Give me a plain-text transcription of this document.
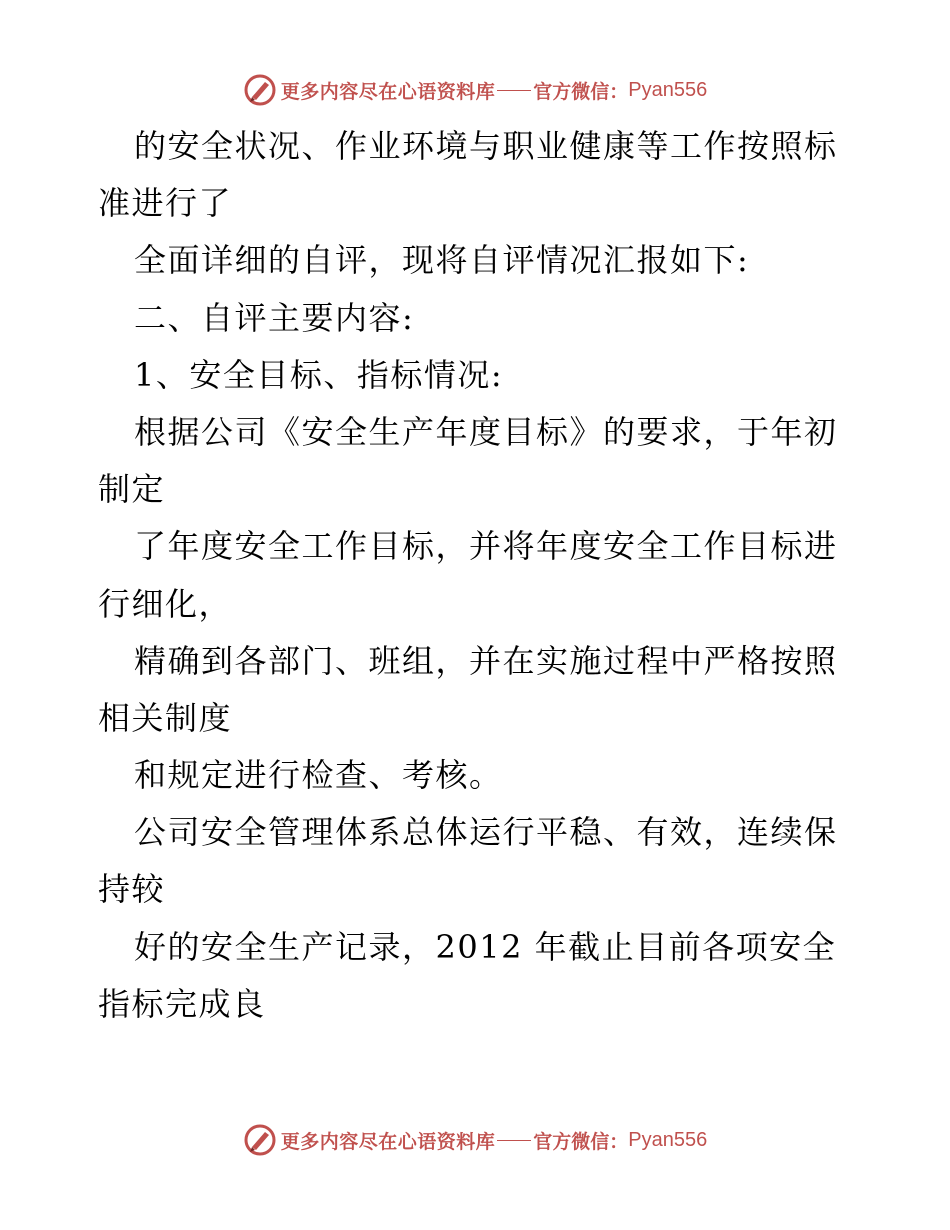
更多内容尽在心语资料库 官方微信： Pyan556
的安全状况、作业环境与职业健康等工作按照标
准进行了
全面详细的自评，现将自评情况汇报如下:
二、自评主要内容:
1、安全目标、指标情况:
根据公司《安全生产年度目标》的要求，于年初
制定
了年度安全工作目标，并将年度安全工作目标进
行细化，
精确到各部门、班组，并在实施过程中严格按照
相关制度
和规定进行检查、考核。
公司安全管理体系总体运行平稳、有效，连续保
持较
好的安全生产记录，2012 年截止目前各项安全
指标完成良
更多内容尽在心语资料库 官方微信： Pyan556
